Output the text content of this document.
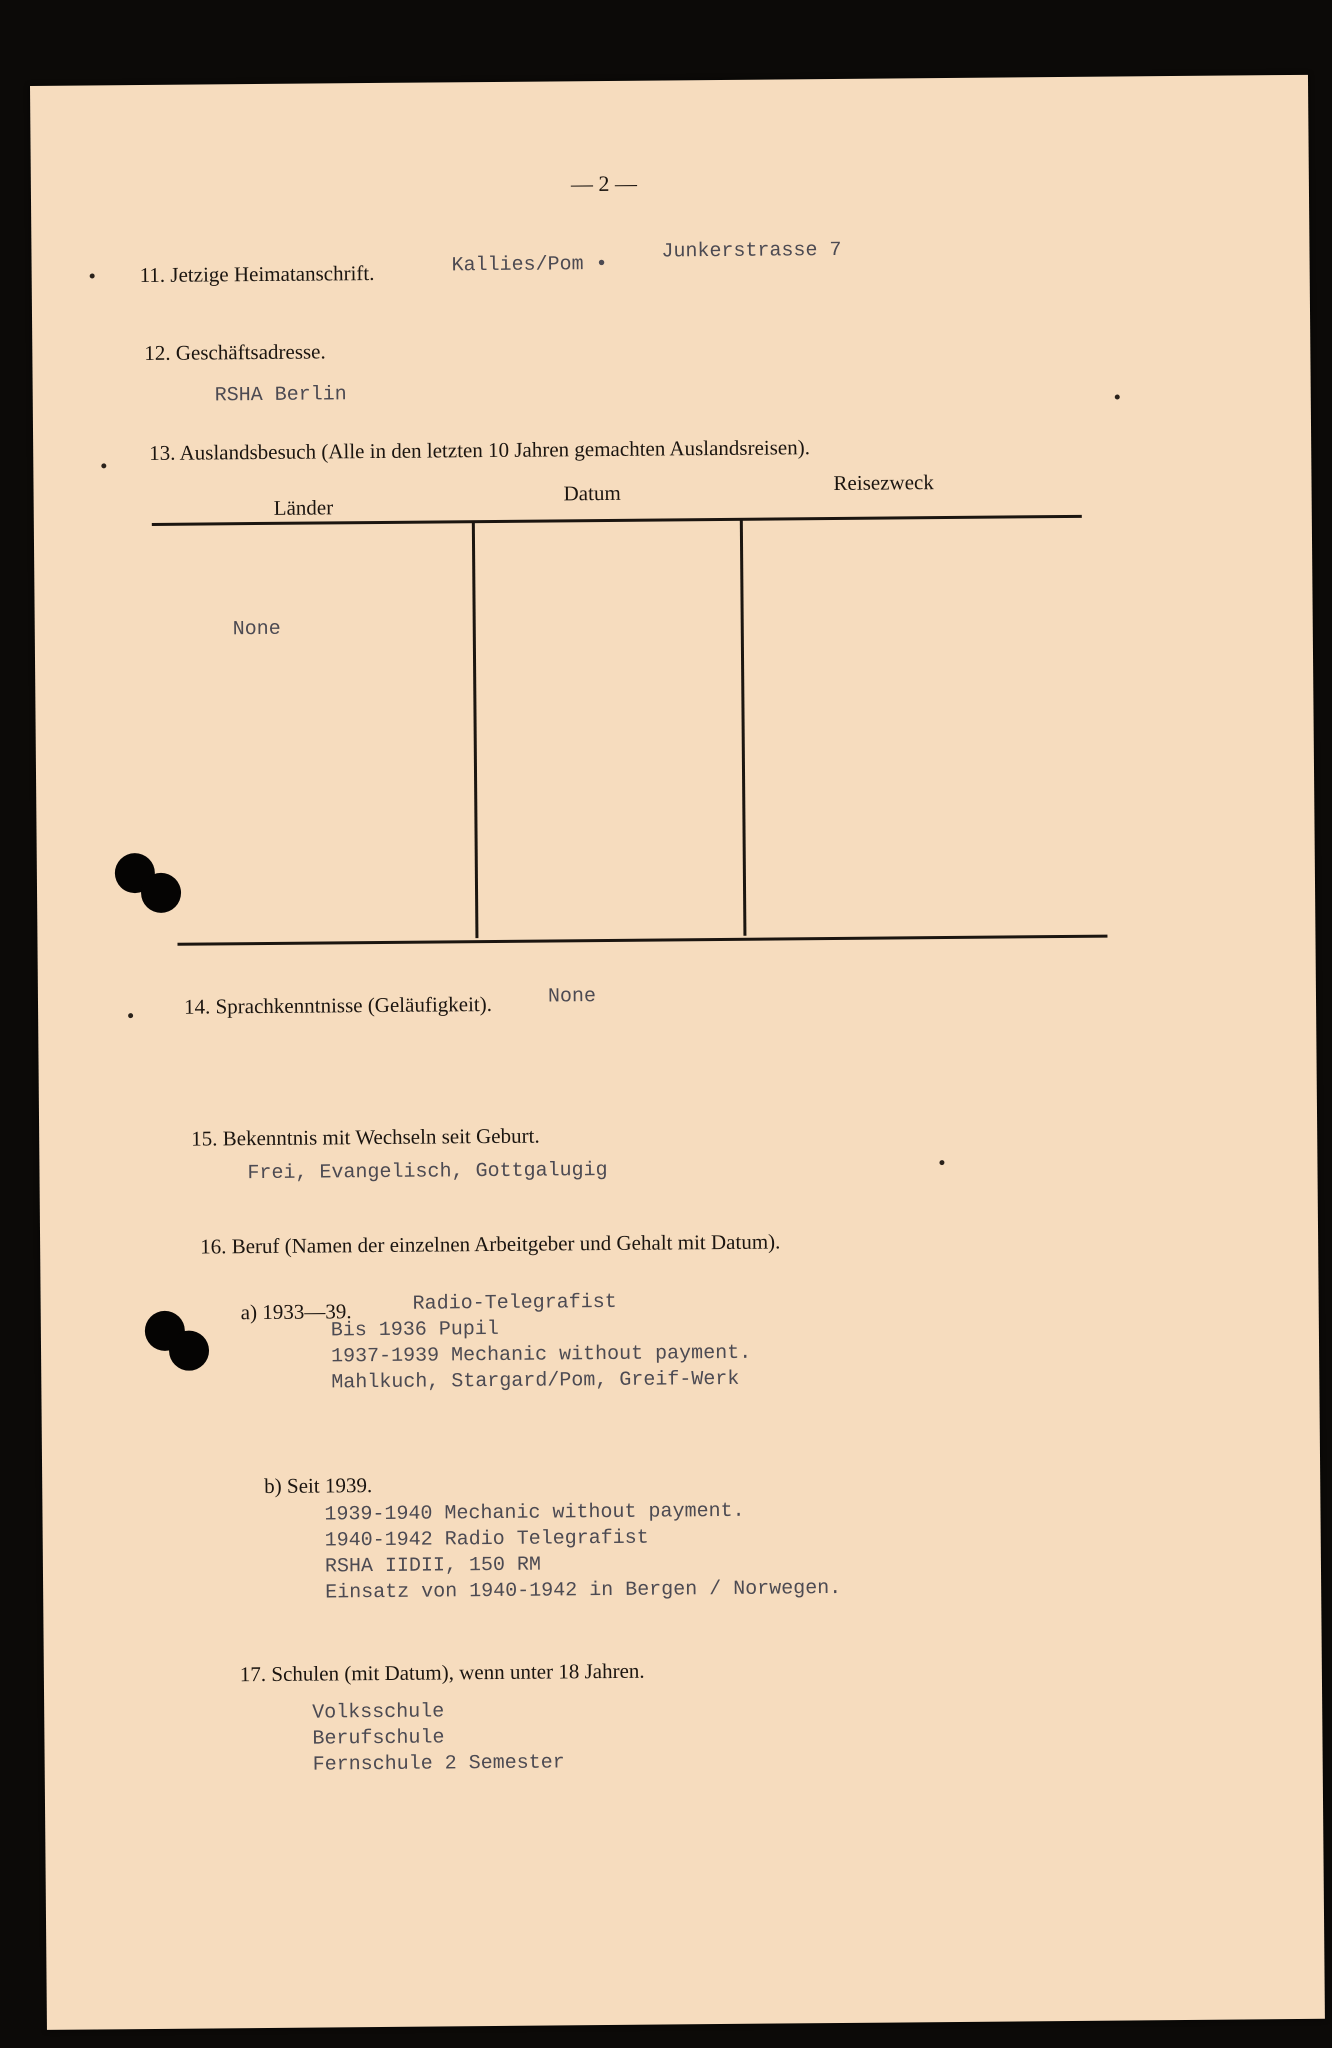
— 2 —
11. Jetzige Heimatanschrift.	Kallies/Pom •
Junkerstrasse 7
12. Geschäftsadresse.
RSHA Berlin
13. Auslandsbesuch (Alle in den letzten 10 Jahren gemachten Auslandsreisen).
Länder
Datum	Reisezweck
None
14. Sprachkenntnisse (Geläufigkeit).	None
15. Bekenntnis mit Wechseln seit Geburt.
Frei, Evangelisch, Gottgalugig
16. Beruf (Namen der einzelnen Arbeitgeber und Gehalt mit Datum).
a) 1933—39.	Radio-Telegrafist
Bis 1936 Pupil
1937-1939 Mechanic without payment.
Mahlkuch, Stargard/Pom, Greif-Werk
b) Seit 1939.
1939-1940 Mechanic without payment.
1940-1942 Radio Telegrafist
RSHA IIDII, 150 RM
Einsatz von 1940-1942 in Bergen / Norwegen.
17. Schulen (mit Datum), wenn unter 18 Jahren.
Volksschule
Berufschule
Fernschule 2 Semester
